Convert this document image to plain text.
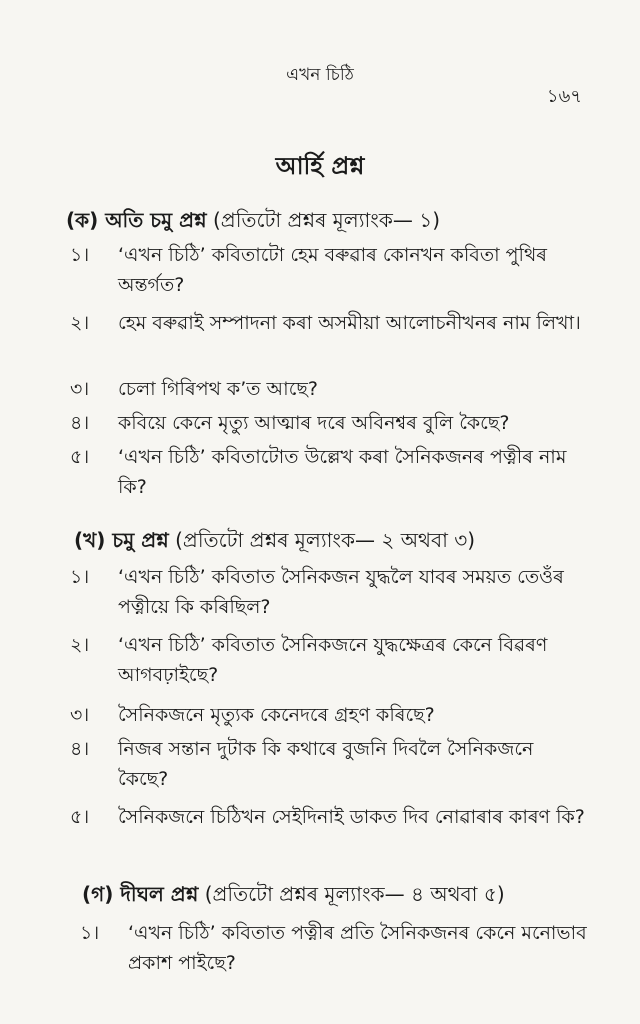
এখন চিঠি
১৬৭
আৰ্হি প্ৰশ্ন
(ক) অতি চমু প্ৰশ্ন (প্ৰতিটো প্ৰশ্নৰ মূল্যাংক— ১)
১।	‘এখন চিঠি’ কবিতাটো হেম বৰুৱাৰ কোনখন কবিতা পুথিৰ অন্তৰ্গত?
২।	হেম বৰুৱাই সম্পাদনা কৰা অসমীয়া আলোচনীখনৰ নাম লিখা।
৩।	চেলা গিৰিপথ ক’ত আছে?
৪।	কবিয়ে কেনে মৃত্যু আত্মাৰ দৰে অবিনশ্বৰ বুলি কৈছে?
৫।	‘এখন চিঠি’ কবিতাটোত উল্লেখ কৰা সৈনিকজনৰ পত্নীৰ নাম কি?
(খ) চমু প্ৰশ্ন (প্ৰতিটো প্ৰশ্নৰ মূল্যাংক— ২ অথবা ৩)
১।	‘এখন চিঠি’ কবিতাত সৈনিকজন যুদ্ধলৈ যাবৰ সময়ত তেওঁৰ পত্নীয়ে কি কৰিছিল?
২।	‘এখন চিঠি’ কবিতাত সৈনিকজনে যুদ্ধক্ষেত্ৰৰ কেনে বিৱৰণ আগবঢ়াইছে?
৩।	সৈনিকজনে মৃত্যুক কেনেদৰে গ্ৰহণ কৰিছে?
৪।	নিজৰ সন্তান দুটাক কি কথাৰে বুজনি দিবলৈ সৈনিকজনে কৈছে?
৫।	সৈনিকজনে চিঠিখন সেইদিনাই ডাকত দিব নোৱাৰাৰ কাৰণ কি?
(গ) দীঘল প্ৰশ্ন (প্ৰতিটো প্ৰশ্নৰ মূল্যাংক— ৪ অথবা ৫)
১।	‘এখন চিঠি’ কবিতাত পত্নীৰ প্ৰতি সৈনিকজনৰ কেনে মনোভাব প্ৰকাশ পাইছে?
